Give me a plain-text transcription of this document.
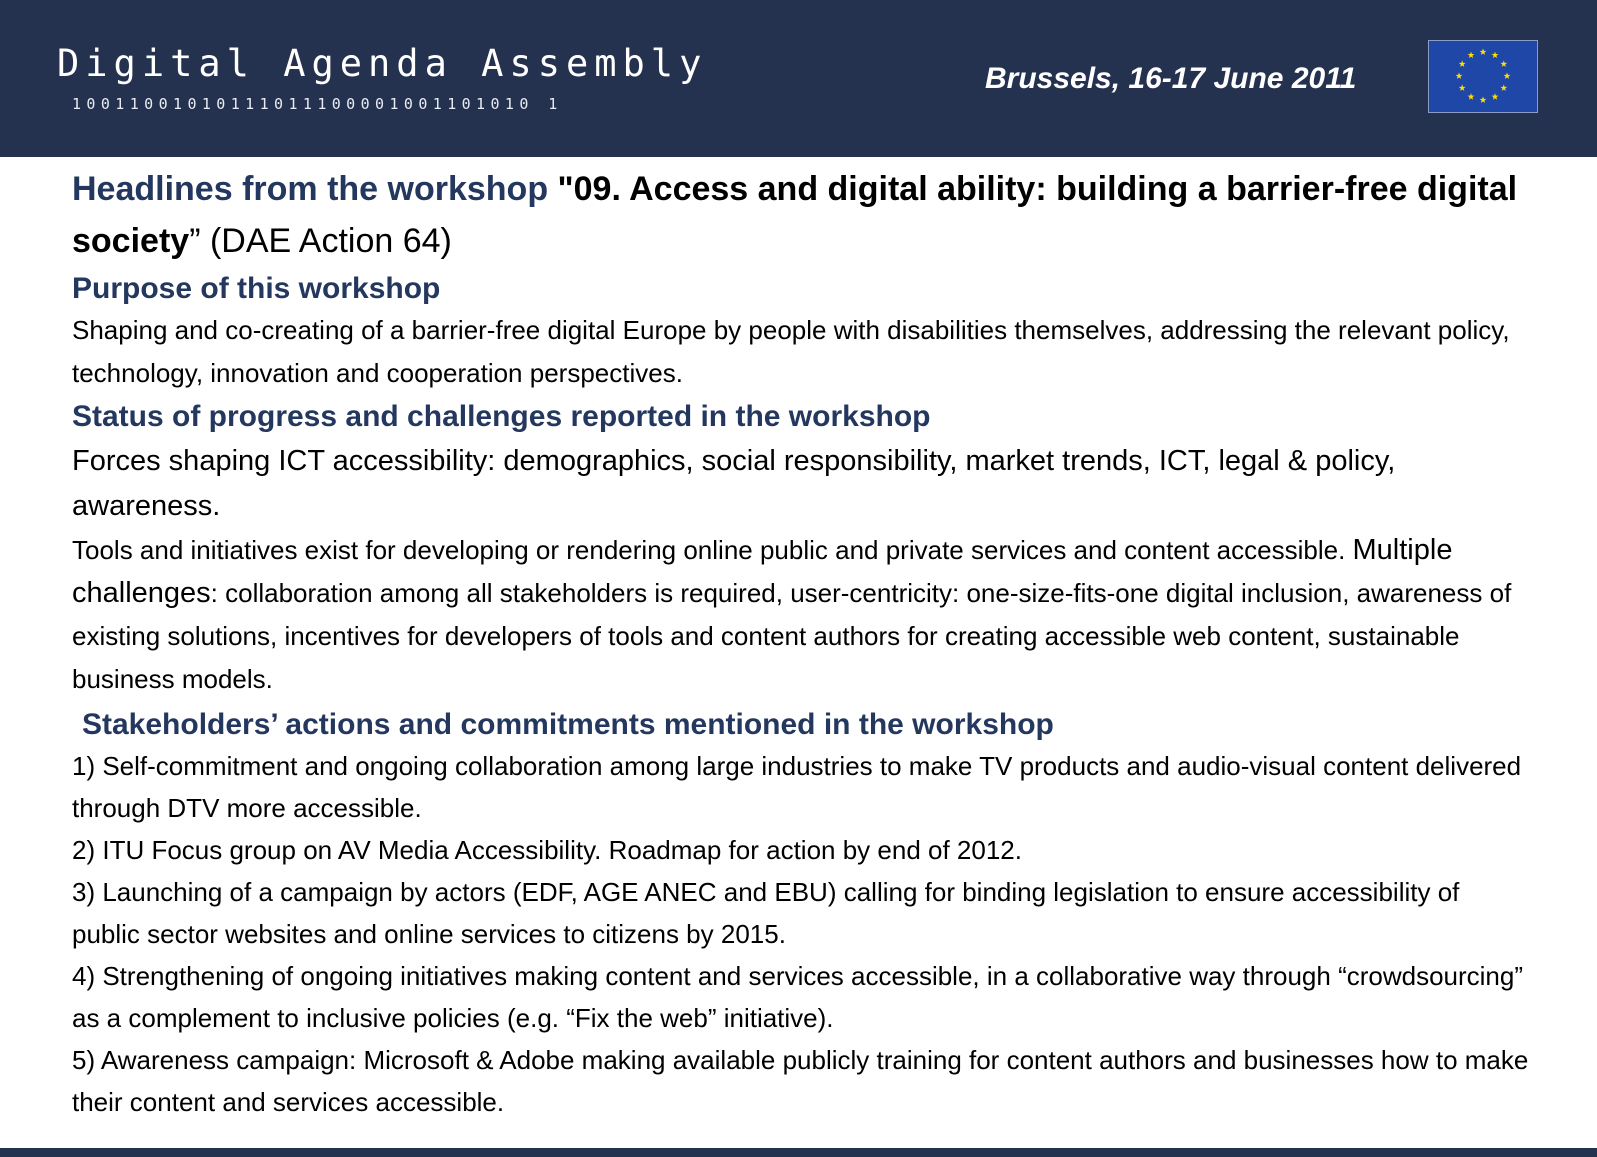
Digital Agenda Assembly
10011001010111011100001001101010 1
Brussels, 16-17 June 2011

Headlines from the workshop "09. Access and digital ability: building a barrier-free digital society” (DAE Action 64)

Purpose of this workshop

Shaping and co-creating of a barrier-free digital Europe by people with disabilities themselves, addressing the relevant policy, technology, innovation and cooperation perspectives.

Status of progress and challenges reported in the workshop

Forces shaping ICT accessibility: demographics, social responsibility, market trends, ICT, legal & policy, awareness.

Tools and initiatives exist for developing or rendering online public and private services and content accessible. Multiple challenges: collaboration among all stakeholders is required, user-centricity: one-size-fits-one digital inclusion, awareness of existing solutions, incentives for developers of tools and content authors for creating accessible web content, sustainable business models.

Stakeholders’ actions and commitments mentioned in the workshop

1) Self-commitment and ongoing collaboration among large industries to make TV products and audio-visual content delivered through DTV more accessible.

2) ITU Focus group on AV Media Accessibility. Roadmap for action by end of 2012.

3) Launching of a campaign by actors (EDF, AGE ANEC and EBU) calling for binding legislation to ensure accessibility of public sector websites and online services to citizens by 2015.

4) Strengthening of ongoing initiatives making content and services accessible, in a collaborative way through “crowdsourcing” as a complement to inclusive policies (e.g. “Fix the web” initiative).

5) Awareness campaign: Microsoft & Adobe making available publicly training for content authors and businesses how to make their content and services accessible.
